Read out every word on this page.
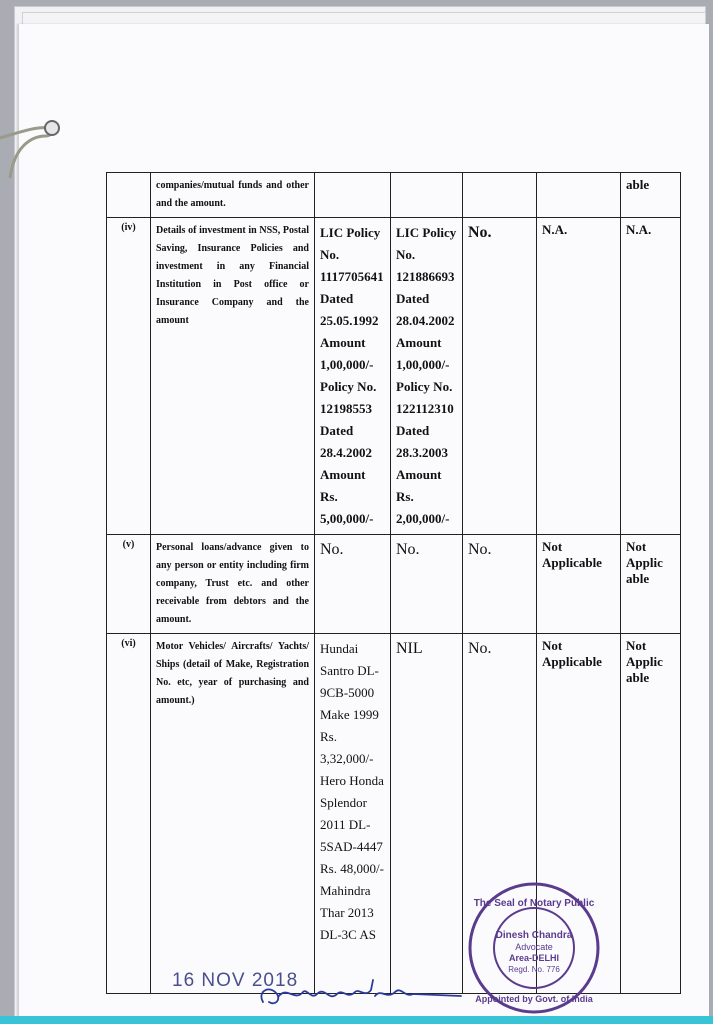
	companies/mutual funds and other and the amount.					able
(iv)	Details of investment in NSS, Postal Saving, Insurance Policies and investment in any Financial Institution in Post office or Insurance Company and the amount	LIC Policy No. 1117705641 Dated 25.05.1992 Amount 1,00,000/- Policy No. 12198553 Dated 28.4.2002 Amount Rs. 5,00,000/-	LIC Policy No. 121886693 Dated 28.04.2002 Amount 1,00,000/- Policy No. 122112310 Dated 28.3.2003 Amount Rs. 2,00,000/-	No.	N.A.	N.A.
(v)	Personal loans/advance given to any person or entity including firm company, Trust etc. and other receivable from debtors and the amount.	No.	No.	No.	Not Applicable	Not Applic able
(vi)	Motor Vehicles/ Aircrafts/ Yachts/ Ships (detail of Make, Registration No. etc, year of purchasing and amount.)	Hundai Santro DL-9CB-5000 Make 1999 Rs. 3,32,000/- Hero Honda Splendor 2011 DL-5SAD-4447 Rs. 48,000/- Mahindra Thar 2013 DL-3C AS	NIL	No.	Not Applicable	Not Applic able
16 NOV 2018
The Seal of Notary Public
Dinesh Chandra
Advocate
Area-DELHI
Regd. No. 776
Appointed by Govt. of India
